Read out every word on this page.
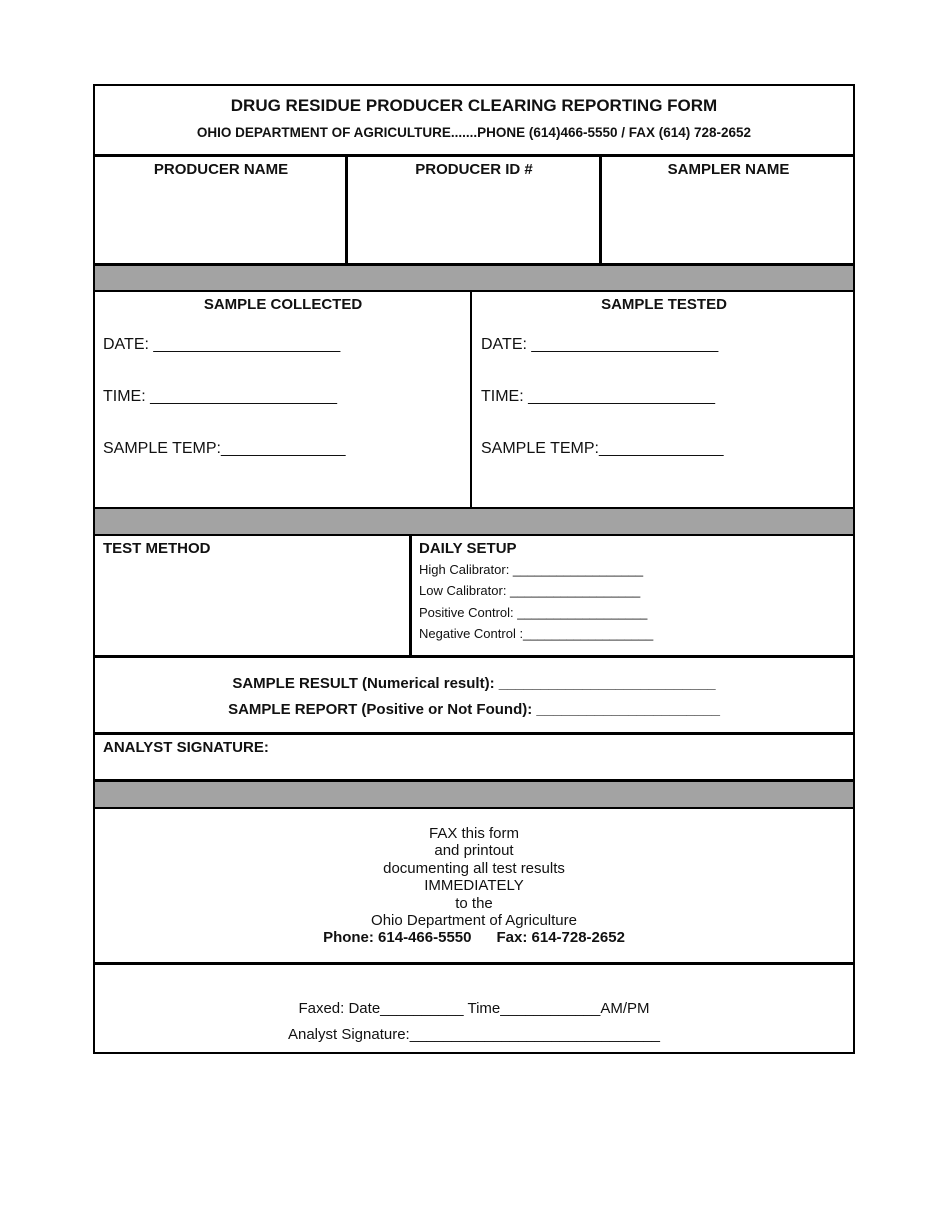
DRUG RESIDUE PRODUCER CLEARING REPORTING FORM
OHIO DEPARTMENT OF AGRICULTURE.......PHONE (614)466-5550 / FAX (614) 728-2652
PRODUCER NAME	PRODUCER ID #	SAMPLER NAME
SAMPLE COLLECTED
DATE: _____________________
TIME: _____________________
SAMPLE TEMP:______________
SAMPLE TESTED
DATE: _____________________
TIME: _____________________
SAMPLE TEMP:______________
TEST METHOD	DAILY SETUP
High Calibrator: __________________
Low Calibrator: __________________
Positive Control: __________________
Negative Control :__________________
SAMPLE RESULT (Numerical result): __________________________
SAMPLE REPORT (Positive or Not Found): ______________________
ANALYST SIGNATURE:
FAX this form
and printout
documenting all test results
IMMEDIATELY
to the
Ohio Department of Agriculture
Phone: 614-466-5550 Fax: 614-728-2652
Faxed: Date__________ Time____________AM/PM
Analyst Signature:______________________________
